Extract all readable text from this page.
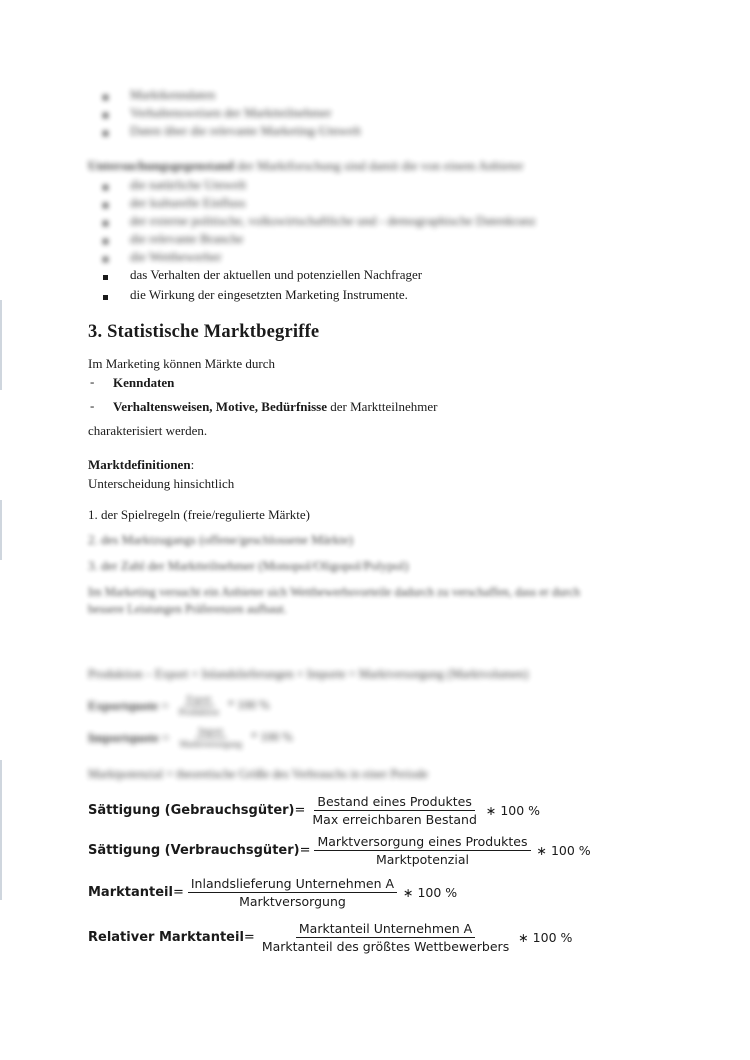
Marktkenndaten
Verhaltensweisen der Marktteilnehmer
Daten über die relevante Marketing-Umwelt
Untersuchungsgegenstand der Marktforschung sind damit die von einem Anbieter
die natürliche Umwelt
der kulturelle Einfluss
der externe politische, volkswirtschaftliche und - demographische Datenkranz
die relevante Branche
die Wettbewerber
das Verhalten der aktuellen und potenziellen Nachfrager
die Wirkung der eingesetzten Marketing Instrumente.
3. Statistische Marktbegriffe
Im Marketing können Märkte durch
- Kenndaten
- Verhaltensweisen, Motive, Bedürfnisse der Marktteilnehmer
charakterisiert werden.
Marktdefinitionen:
Unterscheidung hinsichtlich
1. der Spielregeln (freie/regulierte Märkte)
2. des Marktzugangs (offene/geschlossene Märkte)
3. der Zahl der Marktteilnehmer (Monopol/Oligopol/Polypol)
Im Marketing versucht ein Anbieter sich Wettbewerbsvorteile dadurch zu verschaffen, dass er durch
bessere Leistungen Präferenzen aufbaut.
Produktion – Export + Inlandslieferungen + Importe = Marktversorgung (Marktvolumen)
Exportquote = $\frac{\text{Export}}{\text{Produktion}} * 100$ %
Importquote = $\frac{\text{Import}}{\text{Marktversorgung}} * 100$ %
Marktpotenzial = theoretische Größe des Verbrauchs in einer Periode
Sättigung (Gebrauchsgüter) = $\frac{\text{Bestand eines Produktes}}{\text{Max erreichbaren Bestand}}$ ∗ 100 %
Sättigung (Verbrauchsgüter) = $\frac{\text{Marktversorgung eines Produktes}}{\text{Marktpotenzial}}$ ∗ 100 %
Marktanteil = $\frac{\text{Inlandslieferung Unternehmen A}}{\text{Marktversorgung}}$ ∗ 100 %
Relativer Marktanteil = $\frac{\text{Marktanteil Unternehmen A}}{\text{Marktanteil des größtes Wettbewerbers}}$ ∗ 100 %
